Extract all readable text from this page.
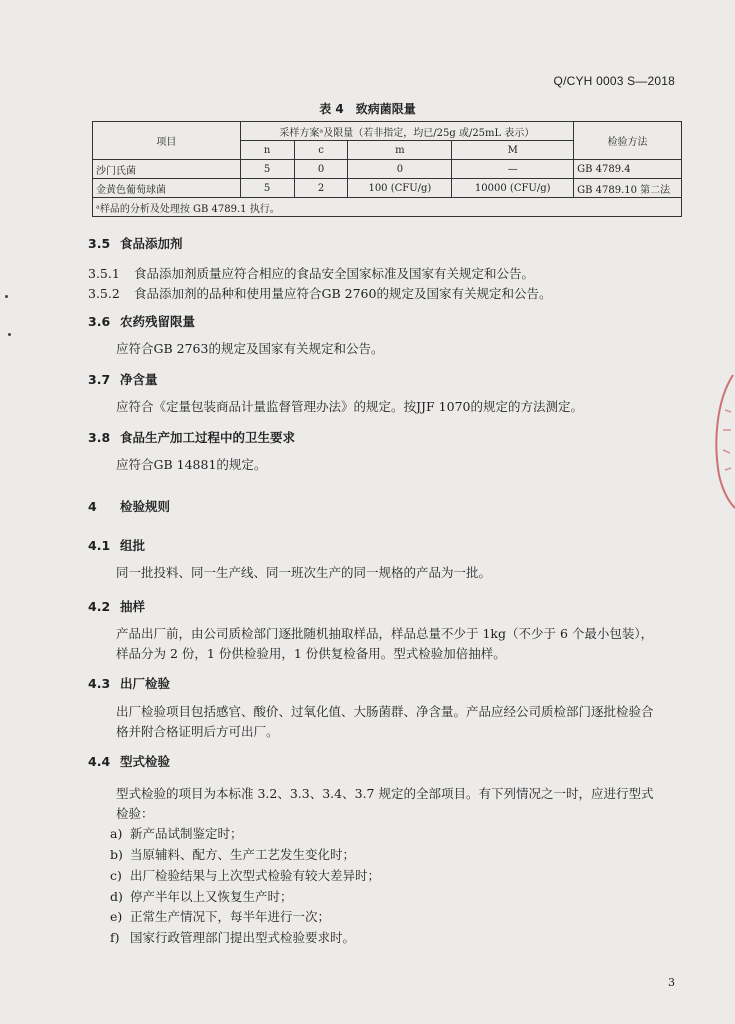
Q/CYH 0003 S—2018
表 4　致病菌限量
项目	采样方案ᵃ及限量（若非指定，均已/25g 或/25mL 表示）				检验方法
	n	c	m	M	
沙门氏菌	5	0	0	—	GB 4789.4
金黄色葡萄球菌	5	2	100 (CFU/g)	10000 (CFU/g)	GB 4789.10 第二法
ᵃ样品的分析及处理按 GB 4789.1 执行。					
3.5 食品添加剂
3.5.1 食品添加剂质量应符合相应的食品安全国家标准及国家有关规定和公告。
3.5.2 食品添加剂的品种和使用量应符合GB 2760的规定及国家有关规定和公告。
3.6 农药残留限量
应符合GB 2763的规定及国家有关规定和公告。
3.7 净含量
应符合《定量包装商品计量监督管理办法》的规定。按JJF 1070的规定的方法测定。
3.8 食品生产加工过程中的卫生要求
应符合GB 14881的规定。
4 检验规则
4.1 组批
同一批投料、同一生产线、同一班次生产的同一规格的产品为一批。
4.2 抽样
产品出厂前，由公司质检部门逐批随机抽取样品，样品总量不少于 1kg（不少于 6 个最小包装），
样品分为 2 份，1 份供检验用，1 份供复检备用。型式检验加倍抽样。
4.3 出厂检验
出厂检验项目包括感官、酸价、过氧化值、大肠菌群、净含量。产品应经公司质检部门逐批检验合
格并附合格证明后方可出厂。
4.4 型式检验
型式检验的项目为本标准 3.2、3.3、3.4、3.7 规定的全部项目。有下列情况之一时，应进行型式
检验：
a) 新产品试制鉴定时；
b) 当原辅料、配方、生产工艺发生变化时；
c) 出厂检验结果与上次型式检验有较大差异时；
d) 停产半年以上又恢复生产时；
e) 正常生产情况下，每半年进行一次；
f) 国家行政管理部门提出型式检验要求时。
3
